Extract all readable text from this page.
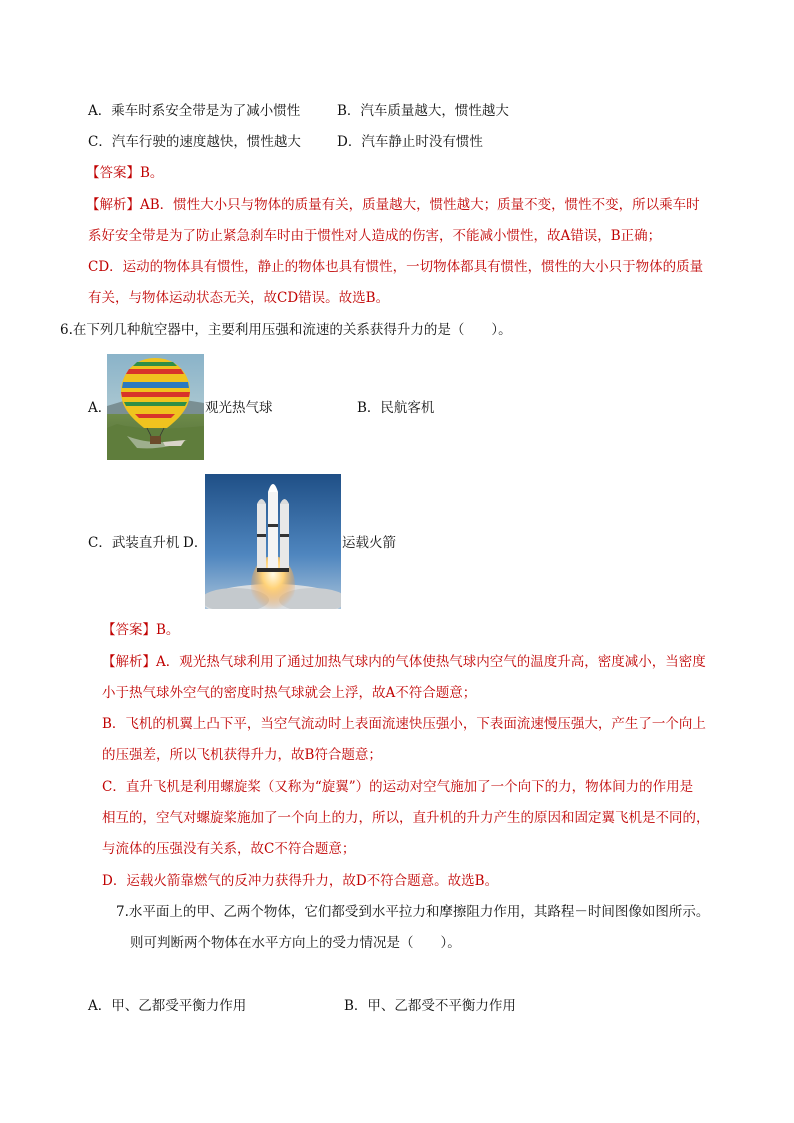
A．乘车时系安全带是为了减小惯性	B．汽车质量越大，惯性越大
C．汽车行驶的速度越快，惯性越大	D．汽车静止时没有惯性
【答案】B。
【解析】AB．惯性大小只与物体的质量有关，质量越大，惯性越大；质量不变，惯性不变，所以乘车时
系好安全带是为了防止紧急刹车时由于惯性对人造成的伤害，不能减小惯性，故A错误，B正确；
CD．运动的物体具有惯性，静止的物体也具有惯性，一切物体都具有惯性，惯性的大小只于物体的质量
有关，与物体运动状态无关，故CD错误。故选B。
6.在下列几种航空器中，主要利用压强和流速的关系获得升力的是（　　）。
A．	观光热气球	B．民航客机
C．武装直升机 D．	运载火箭
【答案】B。
【解析】A．观光热气球利用了通过加热气球内的气体使热气球内空气的温度升高，密度减小，当密度
小于热气球外空气的密度时热气球就会上浮，故A不符合题意；
B．飞机的机翼上凸下平，当空气流动时上表面流速快压强小，下表面流速慢压强大，产生了一个向上
的压强差，所以飞机获得升力，故B符合题意；
C．直升飞机是利用螺旋桨（又称为“旋翼”）的运动对空气施加了一个向下的力，物体间力的作用是
相互的，空气对螺旋桨施加了一个向上的力，所以，直升机的升力产生的原因和固定翼飞机是不同的，
与流体的压强没有关系，故C不符合题意；
D．运载火箭靠燃气的反冲力获得升力，故D不符合题意。故选B。
7.水平面上的甲、乙两个物体，它们都受到水平拉力和摩擦阻力作用，其路程－时间图像如图所示。
则可判断两个物体在水平方向上的受力情况是（　　）。
A．甲、乙都受平衡力作用	B．甲、乙都受不平衡力作用
